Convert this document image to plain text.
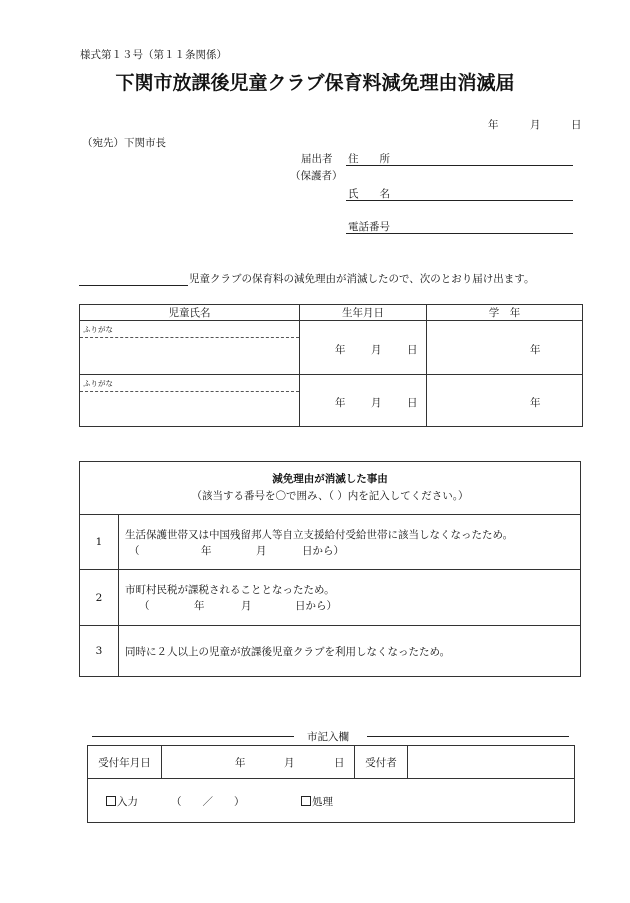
様式第１３号（第１１条関係）
下関市放課後児童クラブ保育料減免理由消滅届
年	月	日
（宛先）下関市長
届出者
（保護者）
住　　所
氏　　名
電話番号
児童クラブの保育料の減免理由が消滅したので、次のとおり届け出ます。
児童氏名	生年月日	学　年

ふりがな	年 月 日	年

ふりがな	年 月 日	年
減免理由が消滅した事由
（該当する番号を〇で囲み、（ ）内を記入してください。）	

1	生活保護世帯又は中国残留邦人等自立支援給付受給世帯に該当しなくなったため。
（ 年 月 日から）

2	市町村民税が課税されることとなったため。
（ 年 月 日から）

3	同時に２人以上の児童が放課後児童クラブを利用しなくなったため。
市記入欄
受付年月日	年	月	日	受付者	

入力	（　　／　　）	処理
